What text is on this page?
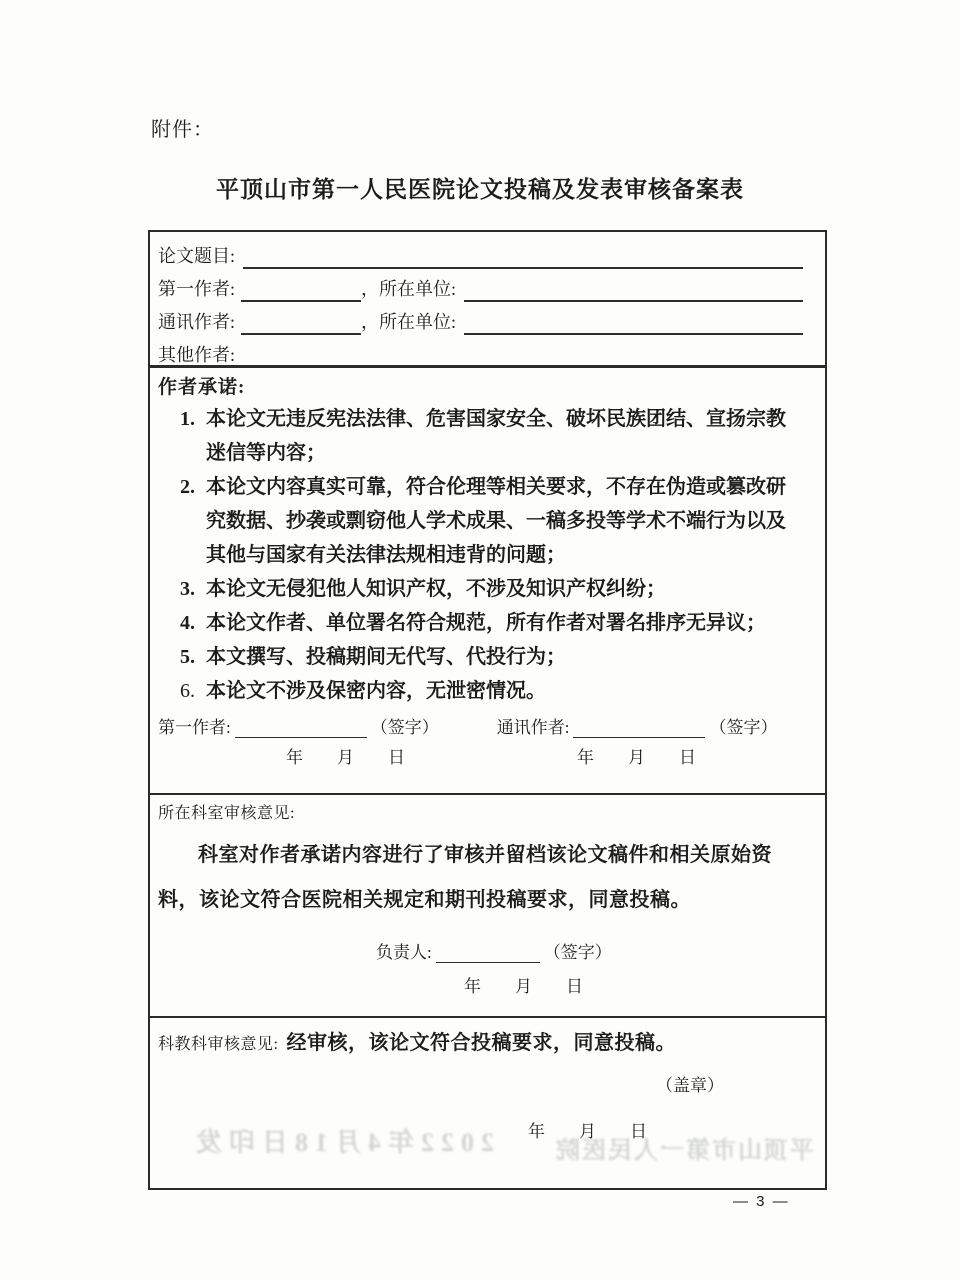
附件：
平顶山市第一人民医院论文投稿及发表审核备案表
2022年4月18日印发	平顶山市第一人民医院
论文题目:
第一作者:	，所在单位:
通讯作者:	，所在单位:
其他作者:
作者承诺:
1. 本论文无违反宪法法律、危害国家安全、破坏民族团结、宣扬宗教迷信等内容；
2. 本论文内容真实可靠，符合伦理等相关要求，不存在伪造或篡改研究数据、抄袭或剽窃他人学术成果、一稿多投等学术不端行为以及其他与国家有关法律法规相违背的问题；
3. 本论文无侵犯他人知识产权，不涉及知识产权纠纷；
4. 本论文作者、单位署名符合规范，所有作者对署名排序无异议；
5. 本文撰写、投稿期间无代写、代投行为；
6. 本论文不涉及保密内容，无泄密情况。
第一作者:	（签字）	通讯作者:	（签字）
年　　月　　日	年　　月　　日
所在科室审核意见:
科室对作者承诺内容进行了审核并留档该论文稿件和相关原始资料，该论文符合医院相关规定和期刊投稿要求，同意投稿。
负责人:	（签字）
年　　月　　日
科教科审核意见: 经审核，该论文符合投稿要求，同意投稿。
（盖章）
年　　月　　日
— 3 —
